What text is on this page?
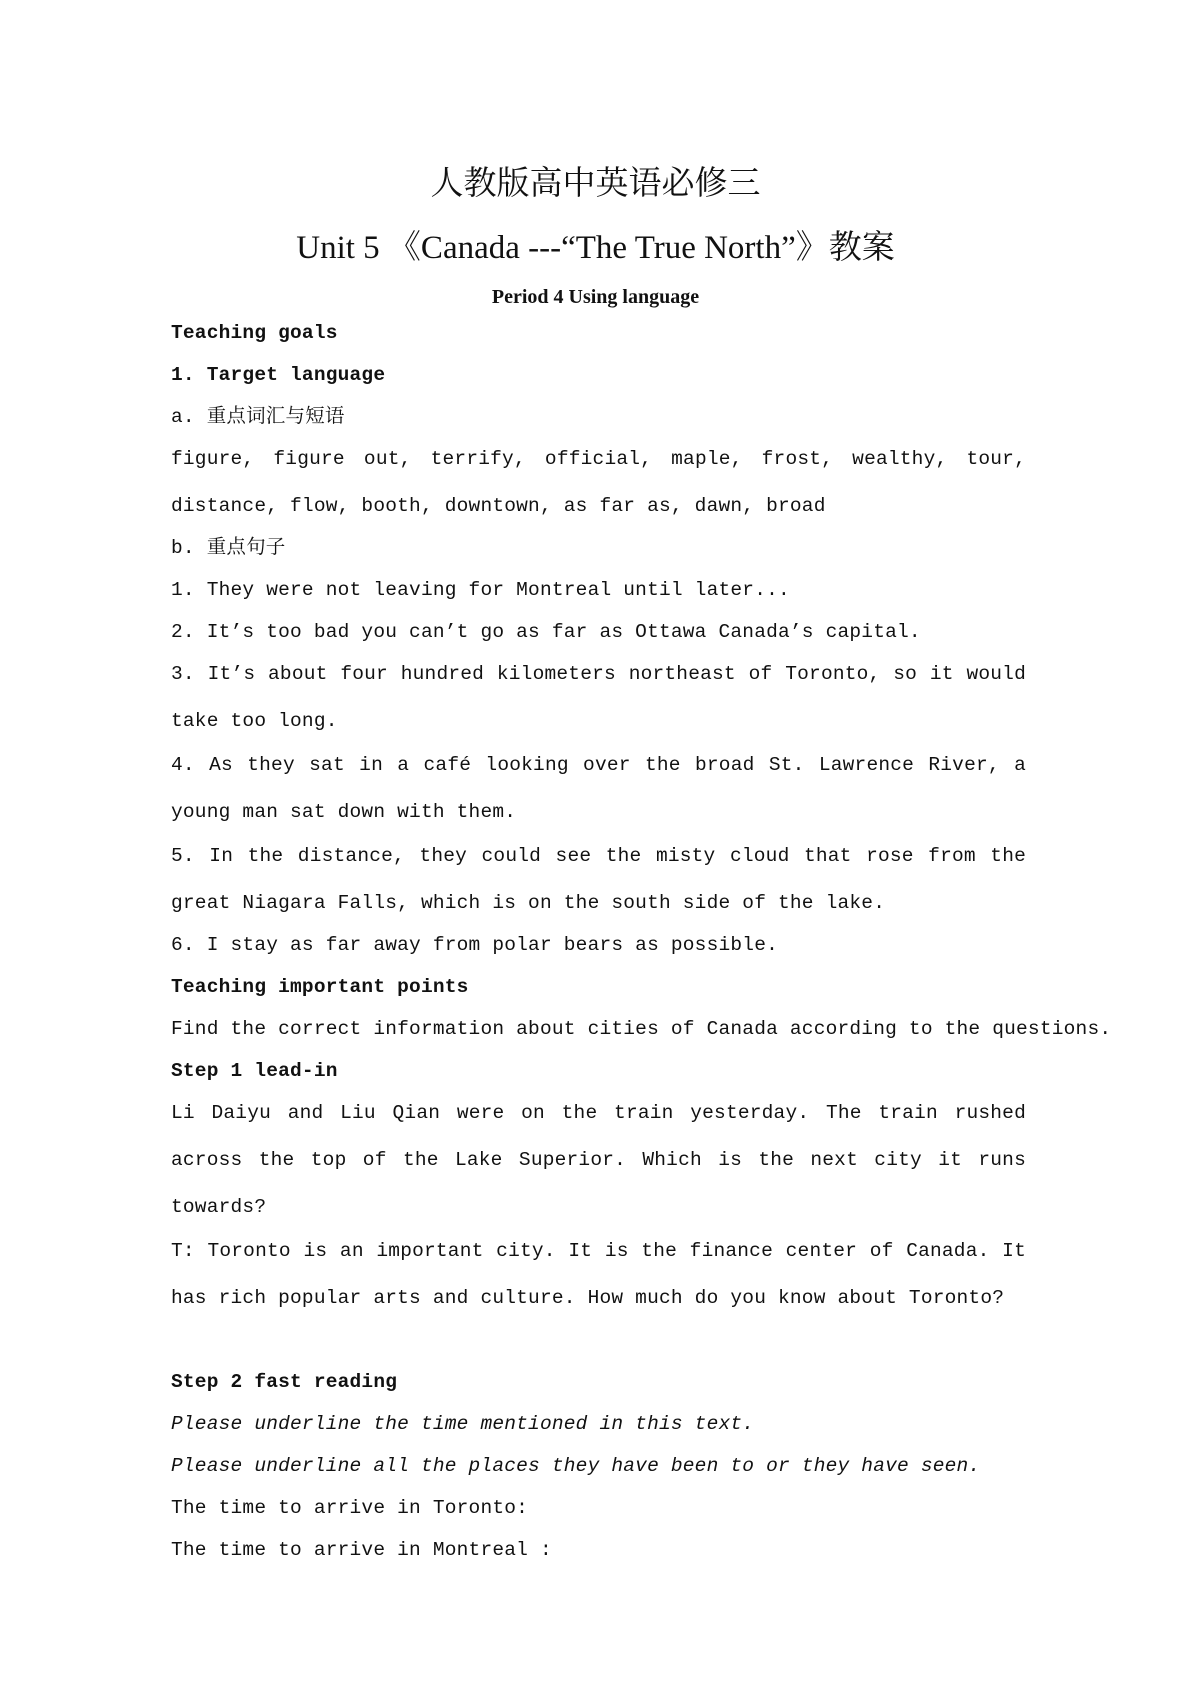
人教版高中英语必修三
Unit 5 《Canada ---“The True North”》教案
Period 4 Using language
Teaching goals
1. Target language
a. 重点词汇与短语
figure, figure out, terrify, official, maple, frost, wealthy, tour, distance, flow, booth, downtown, as far as, dawn, broad
b. 重点句子
1. They were not leaving for Montreal until later...
2. It’s too bad you can’t go as far as Ottawa Canada’s capital.
3. It’s about four hundred kilometers northeast of Toronto, so it would take too long.
4. As they sat in a café looking over the broad St. Lawrence River, a young man sat down with them.
5. In the distance, they could see the misty cloud that rose from the great Niagara Falls, which is on the south side of the lake.
6. I stay as far away from polar bears as possible.
Teaching important points
Find the correct information about cities of Canada according to the questions.
Step 1 lead-in
Li Daiyu and Liu Qian were on the train yesterday. The train rushed across the top of the Lake Superior. Which is the next city it runs towards?
T: Toronto is an important city. It is the finance center of Canada. It has rich popular arts and culture. How much do you know about Toronto?
Step 2 fast reading
Please underline the time mentioned in this text.
Please underline all the places they have been to or they have seen.
The time to arrive in Toronto:
The time to arrive in Montreal :
